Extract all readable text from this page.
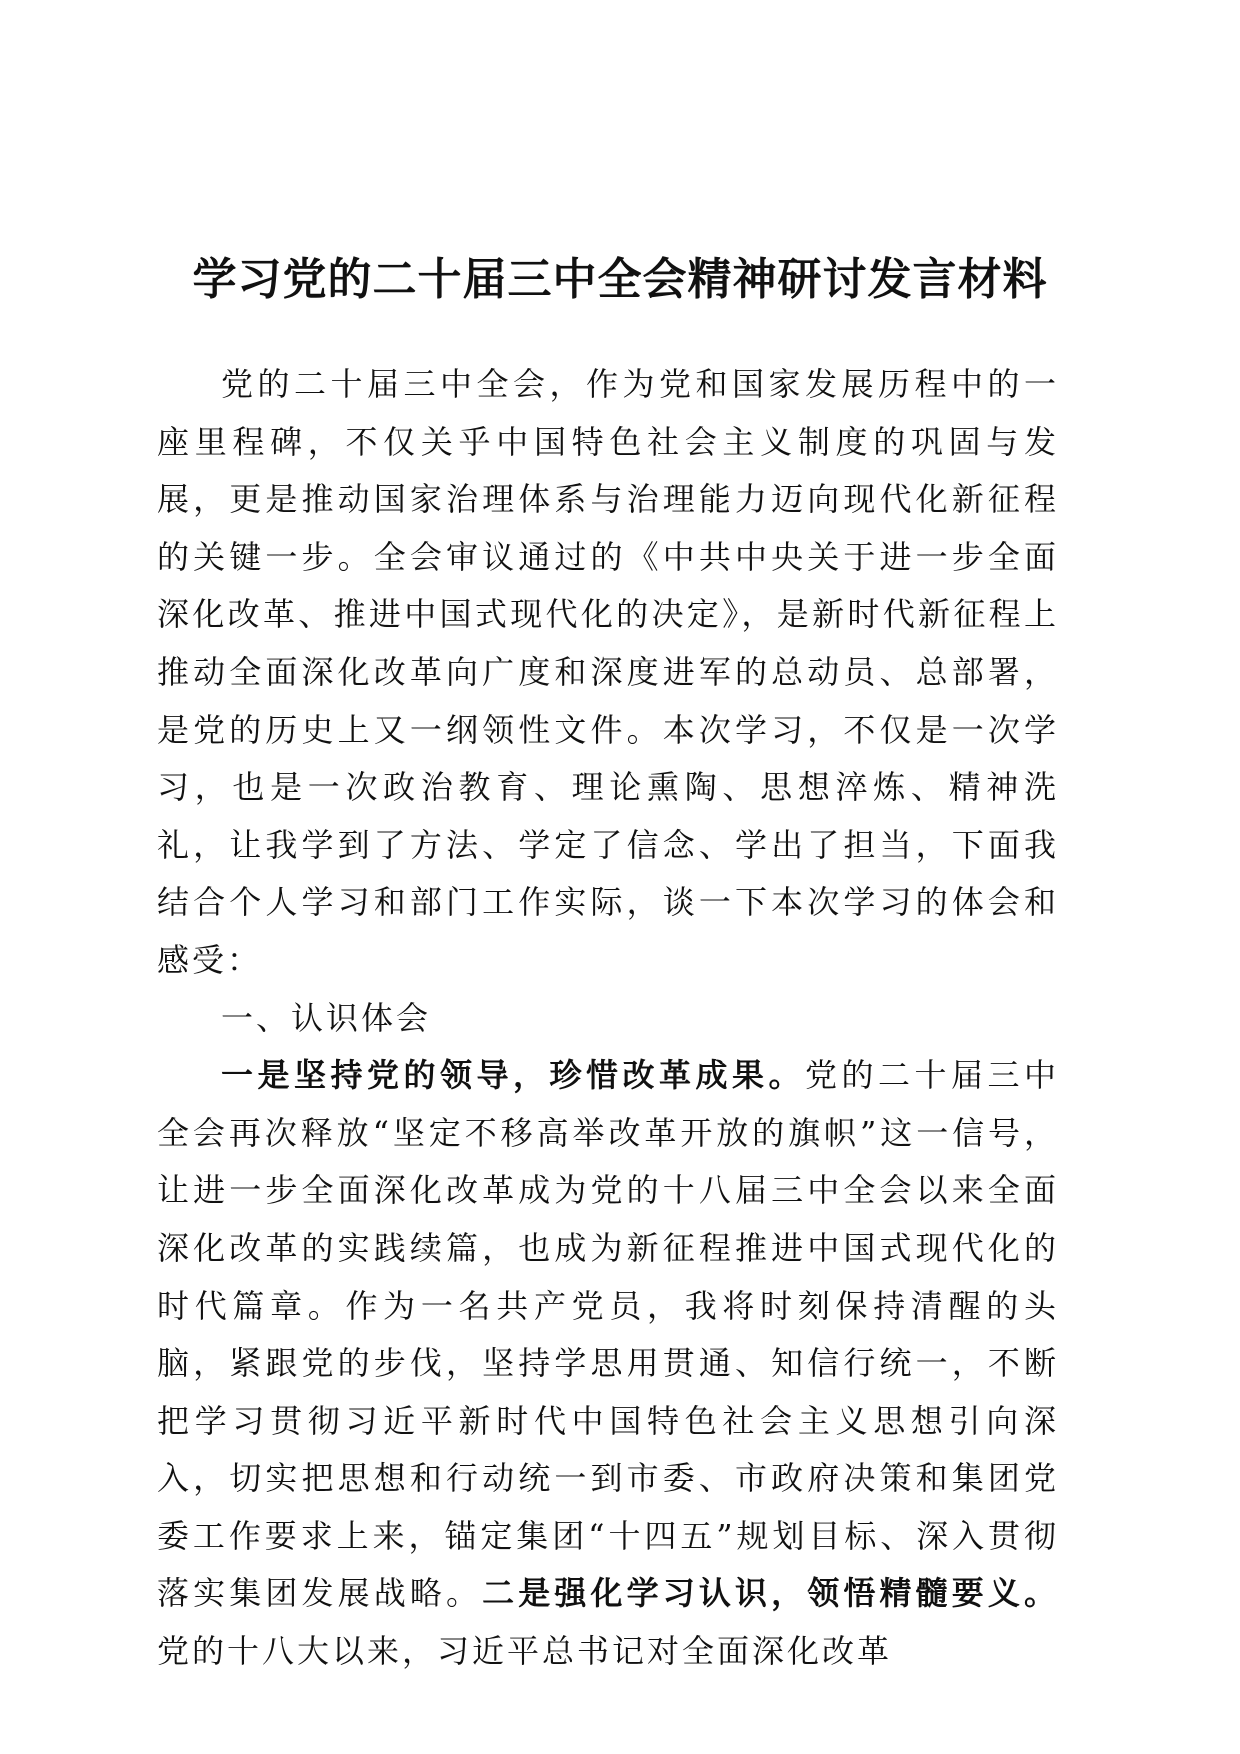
学习党的二十届三中全会精神研讨发言材料

党的二十届三中全会，作为党和国家发展历程中的一座里程碑，不仅关乎中国特色社会主义制度的巩固与发展，更是推动国家治理体系与治理能力迈向现代化新征程的关键一步。全会审议通过的《中共中央关于进一步全面深化改革、推进中国式现代化的决定》，是新时代新征程上推动全面深化改革向广度和深度进军的总动员、总部署，是党的历史上又一纲领性文件。本次学习，不仅是一次学习，也是一次政治教育、理论熏陶、思想淬炼、精神洗礼，让我学到了方法、学定了信念、学出了担当，下面我结合个人学习和部门工作实际，谈一下本次学习的体会和感受：

一、认识体会

一是坚持党的领导，珍惜改革成果。党的二十届三中全会再次释放“坚定不移高举改革开放的旗帜”这一信号，让进一步全面深化改革成为党的十八届三中全会以来全面深化改革的实践续篇，也成为新征程推进中国式现代化的时代篇章。作为一名共产党员，我将时刻保持清醒的头脑，紧跟党的步伐，坚持学思用贯通、知信行统一，不断把学习贯彻习近平新时代中国特色社会主义思想引向深入，切实把思想和行动统一到市委、市政府决策和集团党委工作要求上来，锚定集团“十四五”规划目标、深入贯彻落实集团发展战略。二是强化学习认识，领悟精髓要义。党的十八大以来，习近平总书记对全面深化改革
